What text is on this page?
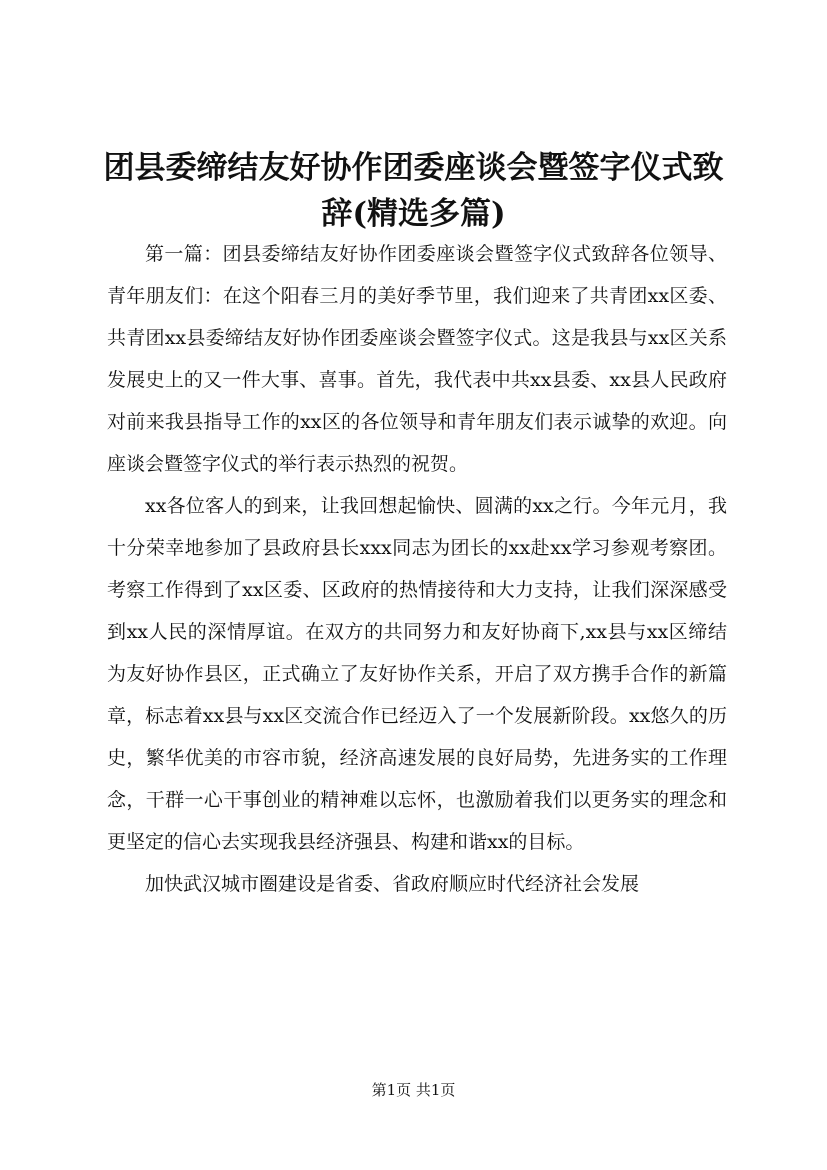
团县委缔结友好协作团委座谈会暨签字仪式致辞(精选多篇)

第一篇：团县委缔结友好协作团委座谈会暨签字仪式致辞各位领导、青年朋友们：在这个阳春三月的美好季节里，我们迎来了共青团xx区委、共青团xx县委缔结友好协作团委座谈会暨签字仪式。这是我县与xx区关系发展史上的又一件大事、喜事。首先，我代表中共xx县委、xx县人民政府对前来我县指导工作的xx区的各位领导和青年朋友们表示诚挚的欢迎。向座谈会暨签字仪式的举行表示热烈的祝贺。

xx各位客人的到来，让我回想起愉快、圆满的xx之行。今年元月，我十分荣幸地参加了县政府县长xxx同志为团长的xx赴xx学习参观考察团。考察工作得到了xx区委、区政府的热情接待和大力支持，让我们深深感受到xx人民的深情厚谊。在双方的共同努力和友好协商下,xx县与xx区缔结为友好协作县区，正式确立了友好协作关系，开启了双方携手合作的新篇章，标志着xx县与xx区交流合作已经迈入了一个发展新阶段。xx悠久的历史，繁华优美的市容市貌，经济高速发展的良好局势，先进务实的工作理念，干群一心干事创业的精神难以忘怀，也激励着我们以更务实的理念和更坚定的信心去实现我县经济强县、构建和谐xx的目标。

加快武汉城市圈建设是省委、省政府顺应时代经济社会发展

第1页 共1页
